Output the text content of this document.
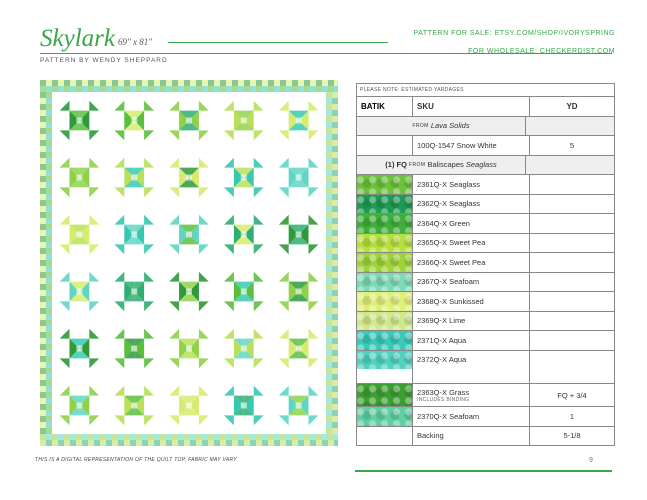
Skylark 69" x 81"
PATTERN BY WENDY SHEPPARD
PATTERN FOR SALE: ETSY.COM/SHOP/IVORYSPRING
FOR WHOLESALE: CHECKERDIST.COM
PLEASE NOTE: ESTIMATED YARDAGES
BATIK	SKU	YD
FROM
Lava Solids
100Q-1547 Snow White	5
(1) FQ
FROM
Baliscapes
Seaglass
2361Q-X Seaglass
2362Q-X Seaglass
2364Q-X Green
2365Q-X Sweet Pea
2366Q-X Sweet Pea
2367Q-X Seafoam
2368Q-X Sunkissed
2369Q-X Lime
2371Q-X Aqua
2372Q-X Aqua
2363Q-X Grass
INCLUDES BINDING	FQ + 3/4
2370Q-X Seafoam	1
Backing	5-1/8
THIS IS A DIGITAL REPRESENTATION OF THE QUILT TOP, FABRIC MAY VARY	9
